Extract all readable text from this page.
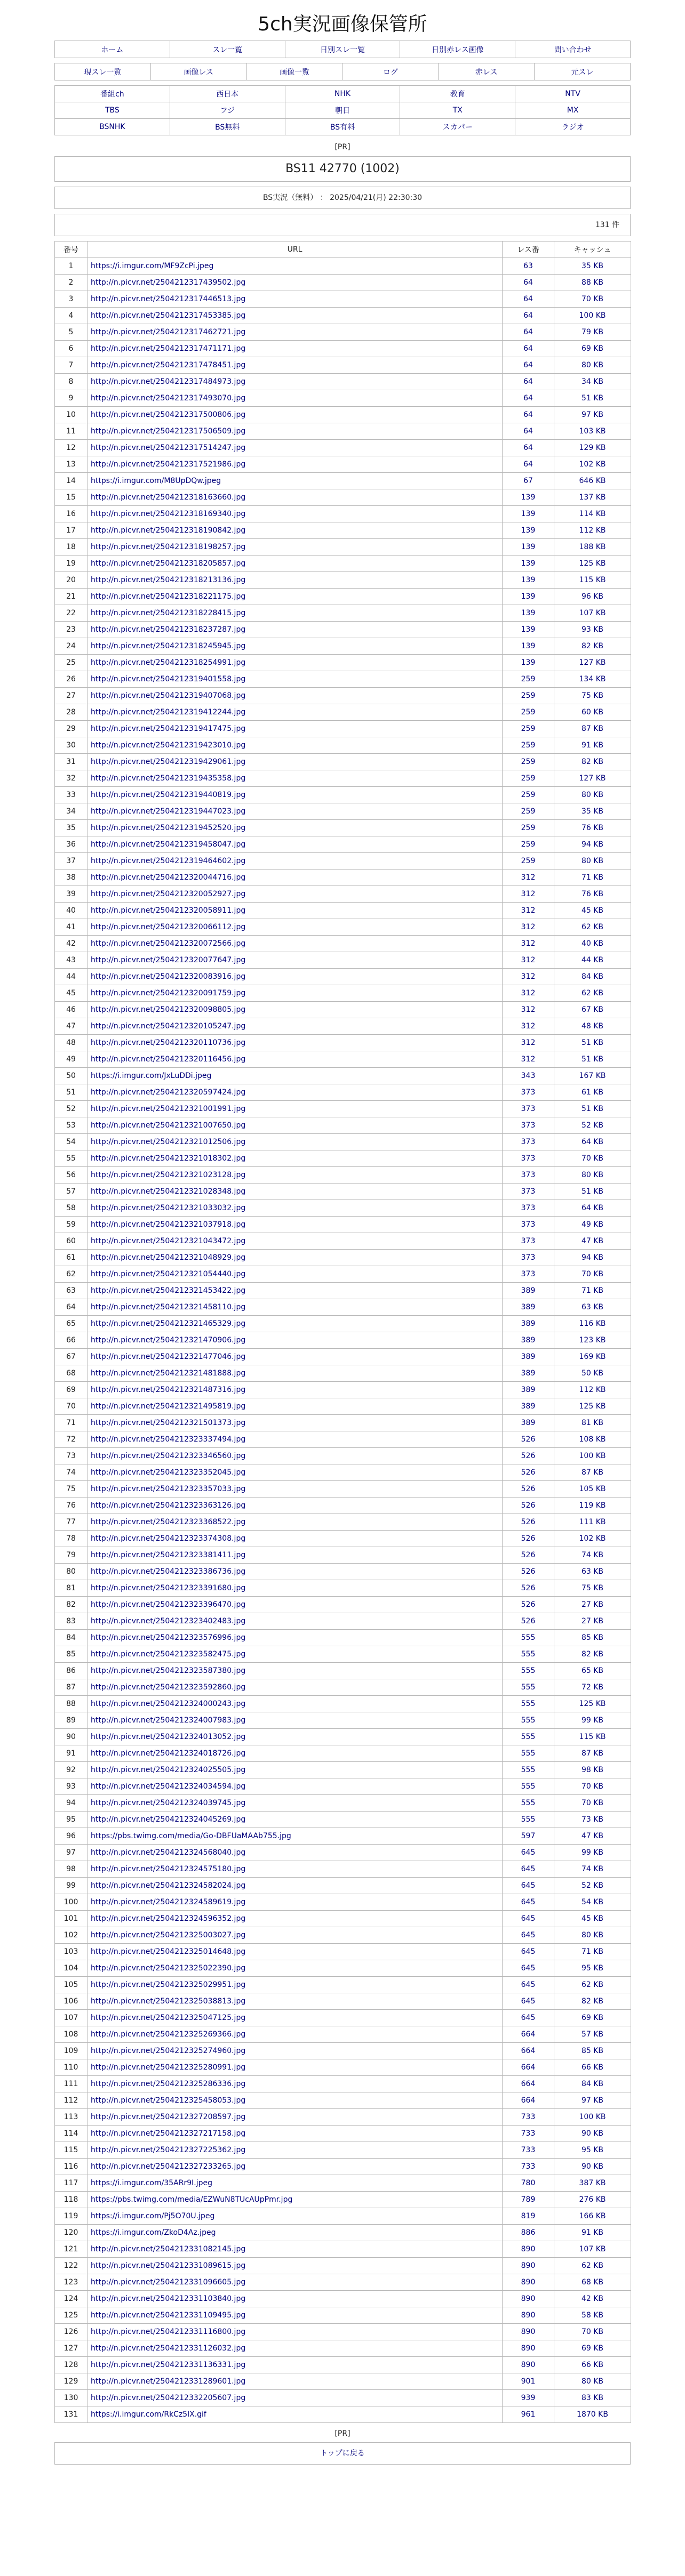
5ch実況画像保管所
ホーム	スレ一覧	日別スレ一覧	日別赤レス画像	問い合わせ
現スレ一覧	画像レス	画像一覧	ログ	赤レス	元スレ
番組ch	西日本	NHK	教育	NTV
TBS	フジ	朝日	TX	MX
BSNHK	BS無料	BS有料	スカパー	ラジオ
[PR]
BS11 42770 (1002)
BS実況（無料） ： 2025/04/21(月) 22:30:30
131 件
番号	URL	レス番	キャッシュ
1	https://i.imgur.com/MF9ZcPi.jpeg	63	35 KB
2	http://n.picvr.net/2504212317439502.jpg	64	88 KB
3	http://n.picvr.net/2504212317446513.jpg	64	70 KB
4	http://n.picvr.net/2504212317453385.jpg	64	100 KB
5	http://n.picvr.net/2504212317462721.jpg	64	79 KB
6	http://n.picvr.net/2504212317471171.jpg	64	69 KB
7	http://n.picvr.net/2504212317478451.jpg	64	80 KB
8	http://n.picvr.net/2504212317484973.jpg	64	34 KB
9	http://n.picvr.net/2504212317493070.jpg	64	51 KB
10	http://n.picvr.net/2504212317500806.jpg	64	97 KB
11	http://n.picvr.net/2504212317506509.jpg	64	103 KB
12	http://n.picvr.net/2504212317514247.jpg	64	129 KB
13	http://n.picvr.net/2504212317521986.jpg	64	102 KB
14	https://i.imgur.com/M8UpDQw.jpeg	67	646 KB
15	http://n.picvr.net/2504212318163660.jpg	139	137 KB
16	http://n.picvr.net/2504212318169340.jpg	139	114 KB
17	http://n.picvr.net/2504212318190842.jpg	139	112 KB
18	http://n.picvr.net/2504212318198257.jpg	139	188 KB
19	http://n.picvr.net/2504212318205857.jpg	139	125 KB
20	http://n.picvr.net/2504212318213136.jpg	139	115 KB
21	http://n.picvr.net/2504212318221175.jpg	139	96 KB
22	http://n.picvr.net/2504212318228415.jpg	139	107 KB
23	http://n.picvr.net/2504212318237287.jpg	139	93 KB
24	http://n.picvr.net/2504212318245945.jpg	139	82 KB
25	http://n.picvr.net/2504212318254991.jpg	139	127 KB
26	http://n.picvr.net/2504212319401558.jpg	259	134 KB
27	http://n.picvr.net/2504212319407068.jpg	259	75 KB
28	http://n.picvr.net/2504212319412244.jpg	259	60 KB
29	http://n.picvr.net/2504212319417475.jpg	259	87 KB
30	http://n.picvr.net/2504212319423010.jpg	259	91 KB
31	http://n.picvr.net/2504212319429061.jpg	259	82 KB
32	http://n.picvr.net/2504212319435358.jpg	259	127 KB
33	http://n.picvr.net/2504212319440819.jpg	259	80 KB
34	http://n.picvr.net/2504212319447023.jpg	259	35 KB
35	http://n.picvr.net/2504212319452520.jpg	259	76 KB
36	http://n.picvr.net/2504212319458047.jpg	259	94 KB
37	http://n.picvr.net/2504212319464602.jpg	259	80 KB
38	http://n.picvr.net/2504212320044716.jpg	312	71 KB
39	http://n.picvr.net/2504212320052927.jpg	312	76 KB
40	http://n.picvr.net/2504212320058911.jpg	312	45 KB
41	http://n.picvr.net/2504212320066112.jpg	312	62 KB
42	http://n.picvr.net/2504212320072566.jpg	312	40 KB
43	http://n.picvr.net/2504212320077647.jpg	312	44 KB
44	http://n.picvr.net/2504212320083916.jpg	312	84 KB
45	http://n.picvr.net/2504212320091759.jpg	312	62 KB
46	http://n.picvr.net/2504212320098805.jpg	312	67 KB
47	http://n.picvr.net/2504212320105247.jpg	312	48 KB
48	http://n.picvr.net/2504212320110736.jpg	312	51 KB
49	http://n.picvr.net/2504212320116456.jpg	312	51 KB
50	https://i.imgur.com/JxLuDDi.jpeg	343	167 KB
51	http://n.picvr.net/2504212320597424.jpg	373	61 KB
52	http://n.picvr.net/2504212321001991.jpg	373	51 KB
53	http://n.picvr.net/2504212321007650.jpg	373	52 KB
54	http://n.picvr.net/2504212321012506.jpg	373	64 KB
55	http://n.picvr.net/2504212321018302.jpg	373	70 KB
56	http://n.picvr.net/2504212321023128.jpg	373	80 KB
57	http://n.picvr.net/2504212321028348.jpg	373	51 KB
58	http://n.picvr.net/2504212321033032.jpg	373	64 KB
59	http://n.picvr.net/2504212321037918.jpg	373	49 KB
60	http://n.picvr.net/2504212321043472.jpg	373	47 KB
61	http://n.picvr.net/2504212321048929.jpg	373	94 KB
62	http://n.picvr.net/2504212321054440.jpg	373	70 KB
63	http://n.picvr.net/2504212321453422.jpg	389	71 KB
64	http://n.picvr.net/2504212321458110.jpg	389	63 KB
65	http://n.picvr.net/2504212321465329.jpg	389	116 KB
66	http://n.picvr.net/2504212321470906.jpg	389	123 KB
67	http://n.picvr.net/2504212321477046.jpg	389	169 KB
68	http://n.picvr.net/2504212321481888.jpg	389	50 KB
69	http://n.picvr.net/2504212321487316.jpg	389	112 KB
70	http://n.picvr.net/2504212321495819.jpg	389	125 KB
71	http://n.picvr.net/2504212321501373.jpg	389	81 KB
72	http://n.picvr.net/2504212323337494.jpg	526	108 KB
73	http://n.picvr.net/2504212323346560.jpg	526	100 KB
74	http://n.picvr.net/2504212323352045.jpg	526	87 KB
75	http://n.picvr.net/2504212323357033.jpg	526	105 KB
76	http://n.picvr.net/2504212323363126.jpg	526	119 KB
77	http://n.picvr.net/2504212323368522.jpg	526	111 KB
78	http://n.picvr.net/2504212323374308.jpg	526	102 KB
79	http://n.picvr.net/2504212323381411.jpg	526	74 KB
80	http://n.picvr.net/2504212323386736.jpg	526	63 KB
81	http://n.picvr.net/2504212323391680.jpg	526	75 KB
82	http://n.picvr.net/2504212323396470.jpg	526	27 KB
83	http://n.picvr.net/2504212323402483.jpg	526	27 KB
84	http://n.picvr.net/2504212323576996.jpg	555	85 KB
85	http://n.picvr.net/2504212323582475.jpg	555	82 KB
86	http://n.picvr.net/2504212323587380.jpg	555	65 KB
87	http://n.picvr.net/2504212323592860.jpg	555	72 KB
88	http://n.picvr.net/2504212324000243.jpg	555	125 KB
89	http://n.picvr.net/2504212324007983.jpg	555	99 KB
90	http://n.picvr.net/2504212324013052.jpg	555	115 KB
91	http://n.picvr.net/2504212324018726.jpg	555	87 KB
92	http://n.picvr.net/2504212324025505.jpg	555	98 KB
93	http://n.picvr.net/2504212324034594.jpg	555	70 KB
94	http://n.picvr.net/2504212324039745.jpg	555	70 KB
95	http://n.picvr.net/2504212324045269.jpg	555	73 KB
96	https://pbs.twimg.com/media/Go-DBFUaMAAb755.jpg	597	47 KB
97	http://n.picvr.net/2504212324568040.jpg	645	99 KB
98	http://n.picvr.net/2504212324575180.jpg	645	74 KB
99	http://n.picvr.net/2504212324582024.jpg	645	52 KB
100	http://n.picvr.net/2504212324589619.jpg	645	54 KB
101	http://n.picvr.net/2504212324596352.jpg	645	45 KB
102	http://n.picvr.net/2504212325003027.jpg	645	80 KB
103	http://n.picvr.net/2504212325014648.jpg	645	71 KB
104	http://n.picvr.net/2504212325022390.jpg	645	95 KB
105	http://n.picvr.net/2504212325029951.jpg	645	62 KB
106	http://n.picvr.net/2504212325038813.jpg	645	82 KB
107	http://n.picvr.net/2504212325047125.jpg	645	69 KB
108	http://n.picvr.net/2504212325269366.jpg	664	57 KB
109	http://n.picvr.net/2504212325274960.jpg	664	85 KB
110	http://n.picvr.net/2504212325280991.jpg	664	66 KB
111	http://n.picvr.net/2504212325286336.jpg	664	84 KB
112	http://n.picvr.net/2504212325458053.jpg	664	97 KB
113	http://n.picvr.net/2504212327208597.jpg	733	100 KB
114	http://n.picvr.net/2504212327217158.jpg	733	90 KB
115	http://n.picvr.net/2504212327225362.jpg	733	95 KB
116	http://n.picvr.net/2504212327233265.jpg	733	90 KB
117	https://i.imgur.com/35ARr9I.jpeg	780	387 KB
118	https://pbs.twimg.com/media/EZWuN8TUcAUpPmr.jpg	789	276 KB
119	https://i.imgur.com/Pj5O70U.jpeg	819	166 KB
120	https://i.imgur.com/ZkoD4Az.jpeg	886	91 KB
121	http://n.picvr.net/2504212331082145.jpg	890	107 KB
122	http://n.picvr.net/2504212331089615.jpg	890	62 KB
123	http://n.picvr.net/2504212331096605.jpg	890	68 KB
124	http://n.picvr.net/2504212331103840.jpg	890	42 KB
125	http://n.picvr.net/2504212331109495.jpg	890	58 KB
126	http://n.picvr.net/2504212331116800.jpg	890	70 KB
127	http://n.picvr.net/2504212331126032.jpg	890	69 KB
128	http://n.picvr.net/2504212331136331.jpg	890	66 KB
129	http://n.picvr.net/2504212331289601.jpg	901	80 KB
130	http://n.picvr.net/2504212332205607.jpg	939	83 KB
131	https://i.imgur.com/RkCz5lX.gif	961	1870 KB
[PR]
トップに戻る
